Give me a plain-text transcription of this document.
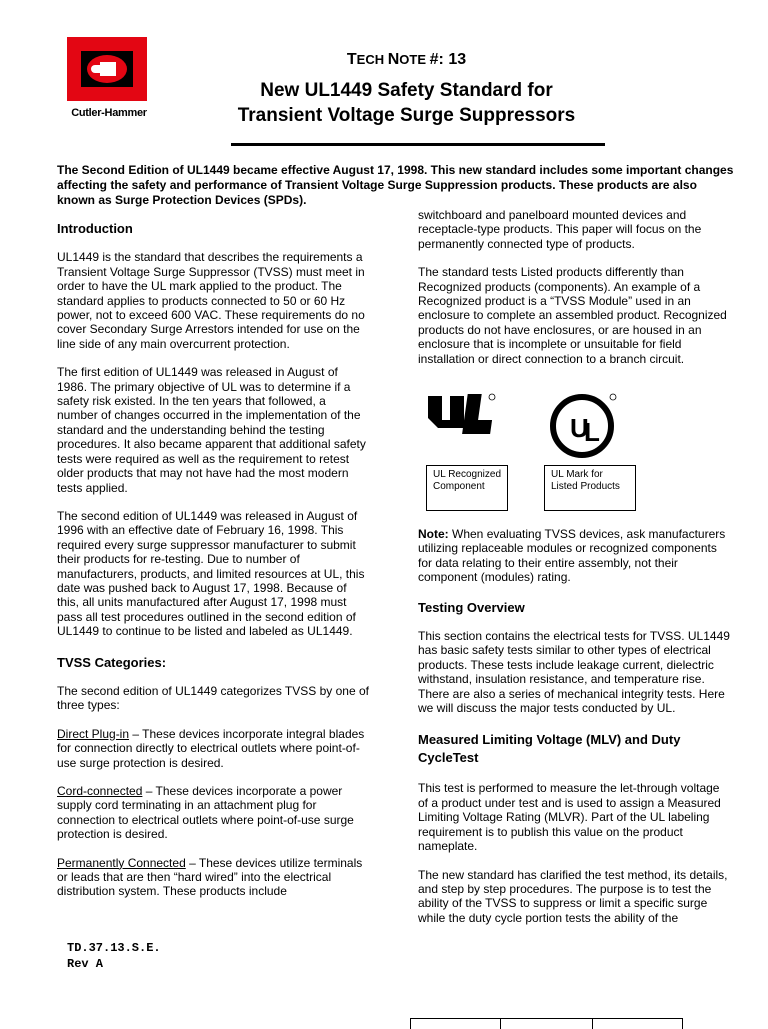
Cutler-Hammer
TECH NOTE #: 13
New UL1449 Safety Standard for
Transient Voltage Surge Suppressors
The Second Edition of UL1449 became effective August 17, 1998. This new standard includes some important changes affecting the safety and performance of Transient Voltage Surge Suppression products. These products are also known as Surge Protection Devices (SPDs).
Introduction

UL1449 is the standard that describes the requirements a Transient Voltage Surge Suppressor (TVSS) must meet in order to have the UL mark applied to the product. The standard applies to products connected to 50 or 60 Hz power, not to exceed 600 VAC. These requirements do no cover Secondary Surge Arrestors intended for use on the line side of any main overcurrent protection.

The first edition of UL1449 was released in August of 1986. The primary objective of UL was to determine if a safety risk existed. In the ten years that followed, a number of changes occurred in the implementation of the standard and the understanding behind the testing procedures. It also became apparent that additional safety tests were required as well as the requirement to retest older products that may not have had the most modern tests applied.

The second edition of UL1449 was released in August of 1996 with an effective date of February 16, 1998. This required every surge suppressor manufacturer to submit their products for re-testing. Due to number of manufacturers, products, and limited resources at UL, this date was pushed back to August 17, 1998. Because of this, all units manufactured after August 17, 1998 must pass all test procedures outlined in the second edition of UL1449 to continue to be listed and labeled as UL1449.

TVSS Categories:

The second edition of UL1449 categorizes TVSS by one of three types:

Direct Plug-in – These devices incorporate integral blades for connection directly to electrical outlets where point-of-use surge protection is desired.

Cord-connected – These devices incorporate a power supply cord terminating in an attachment plug for connection to electrical outlets where point-of-use surge protection is desired.

Permanently Connected – These devices utilize terminals or leads that are then “hard wired” into the electrical distribution system. These products include

TD.37.13.S.E.
Rev A

switchboard and panelboard mounted devices and receptacle-type products. This paper will focus on the permanently connected type of products.

The standard tests Listed products differently than Recognized products (components). An example of a Recognized product is a “TVSS Module” used in an enclosure to complete an assembled product. Recognized products do not have enclosures, or are housed in an enclosure that is incomplete or unsuitable for field installation or direct connection to a branch circuit.

U
L
UL Recognized Component
UL Mark for Listed Products

Note: When evaluating TVSS devices, ask manufacturers utilizing replaceable modules or recognized components for data relating to their entire assembly, not their component (modules) rating.

Testing Overview

This section contains the electrical tests for TVSS. UL1449 has basic safety tests similar to other types of electrical products. These tests include leakage current, dielectric withstand, insulation resistance, and temperature rise. There are also a series of mechanical integrity tests. Here we will discuss the major tests conducted by UL.

Measured Limiting Voltage (MLV) and Duty CycleTest

This test is performed to measure the let-through voltage of a product under test and is used to assign a Measured Limiting Voltage Rating (MLVR). Part of the UL labeling requirement is to publish this value on the product nameplate.

The new standard has clarified the test method, its details, and step by step procedures. The purpose is to test the ability of the TVSS to suppress or limit a specific surge while the duty cycle portion tests the ability of the
